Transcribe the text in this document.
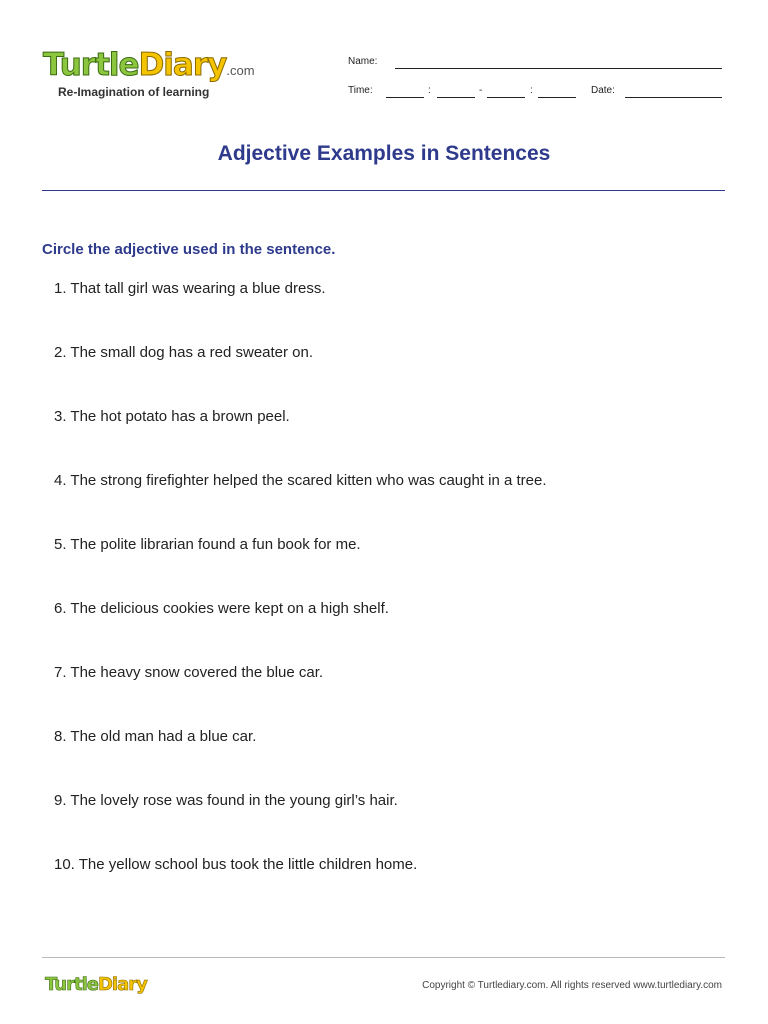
TurtleDiary.com
Re-Imagination of learning
Name:
Time:	:	-	:	Date:
Adjective Examples in Sentences
Circle the adjective used in the sentence.
1. That tall girl was wearing a blue dress.
2. The small dog has a red sweater on.
3. The hot potato has a brown peel.
4. The strong firefighter helped the scared kitten who was caught in a tree.
5. The polite librarian found a fun book for me.
6. The delicious cookies were kept on a high shelf.
7. The heavy snow covered the blue car.
8. The old man had a blue car.
9. The lovely rose was found in the young girl’s hair.
10. The yellow school bus took the little children home.
TurtleDiary	Copyright © Turtlediary.com. All rights reserved www.turtlediary.com
